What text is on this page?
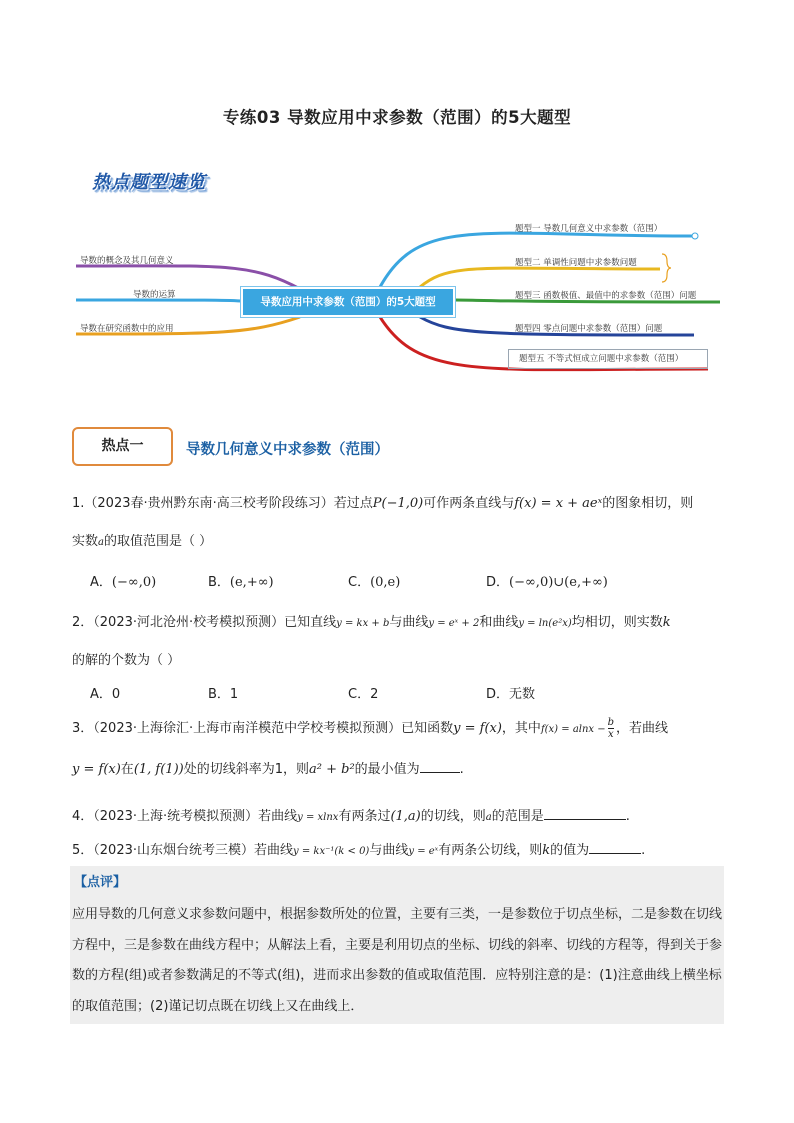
专练03 导数应用中求参数（范围）的5大题型
热点题型速览
导数的概念及其几何意义
导数的运算
导数在研究函数中的应用
导数应用中求参数（范围）的5大题型
题型一 导数几何意义中求参数（范围）
题型二 单调性问题中求参数问题
题型三 函数极值、最值中的求参数（范围）问题
题型四 零点问题中求参数（范围）问题
题型五 不等式恒成立问题中求参数（范围）
热点一	导数几何意义中求参数（范围）
1.（2023春·贵州黔东南·高三校考阶段练习）若过点P(−1,0)可作两条直线与f(x) = x + aeˣ的图象相切，则
实数a的取值范围是（ ）
A．(−∞,0)	B．(e,+∞)	C．(0,e)	D．(−∞,0)∪(e,+∞)
2．（2023·河北沧州·校考模拟预测）已知直线y = kx + b与曲线y = eˣ + 2和曲线y = ln(e²x)均相切，则实数k
的解的个数为（ ）
A．0	B．1	C．2	D．无数
3．（2023·上海徐汇·上海市南洋模范中学校考模拟预测）已知函数y = f(x)，其中$f(x) = alnx - \frac{b}{x}$ ，若曲线
y = f(x)在(1, f(1))处的切线斜率为1，则a² + b²的最小值为	.
4．（2023·上海·统考模拟预测）若曲线y = xlnx有两条过(1,a)的切线，则a的范围是	.
5．（2023·山东烟台统考三模）若曲线y = kx⁻¹(k < 0)与曲线y = eˣ有两条公切线，则k的值为	.
【点评】
应用导数的几何意义求参数问题中，根据参数所处的位置，主要有三类，一是参数位于切点坐标，二是参数在切线方程中，三是参数在曲线方程中；从解法上看，主要是利用切点的坐标、切线的斜率、切线的方程等，得到关于参数的方程(组)或者参数满足的不等式(组)，进而求出参数的值或取值范围．应特别注意的是：(1)注意曲线上横坐标的取值范围；(2)谨记切点既在切线上又在曲线上．
